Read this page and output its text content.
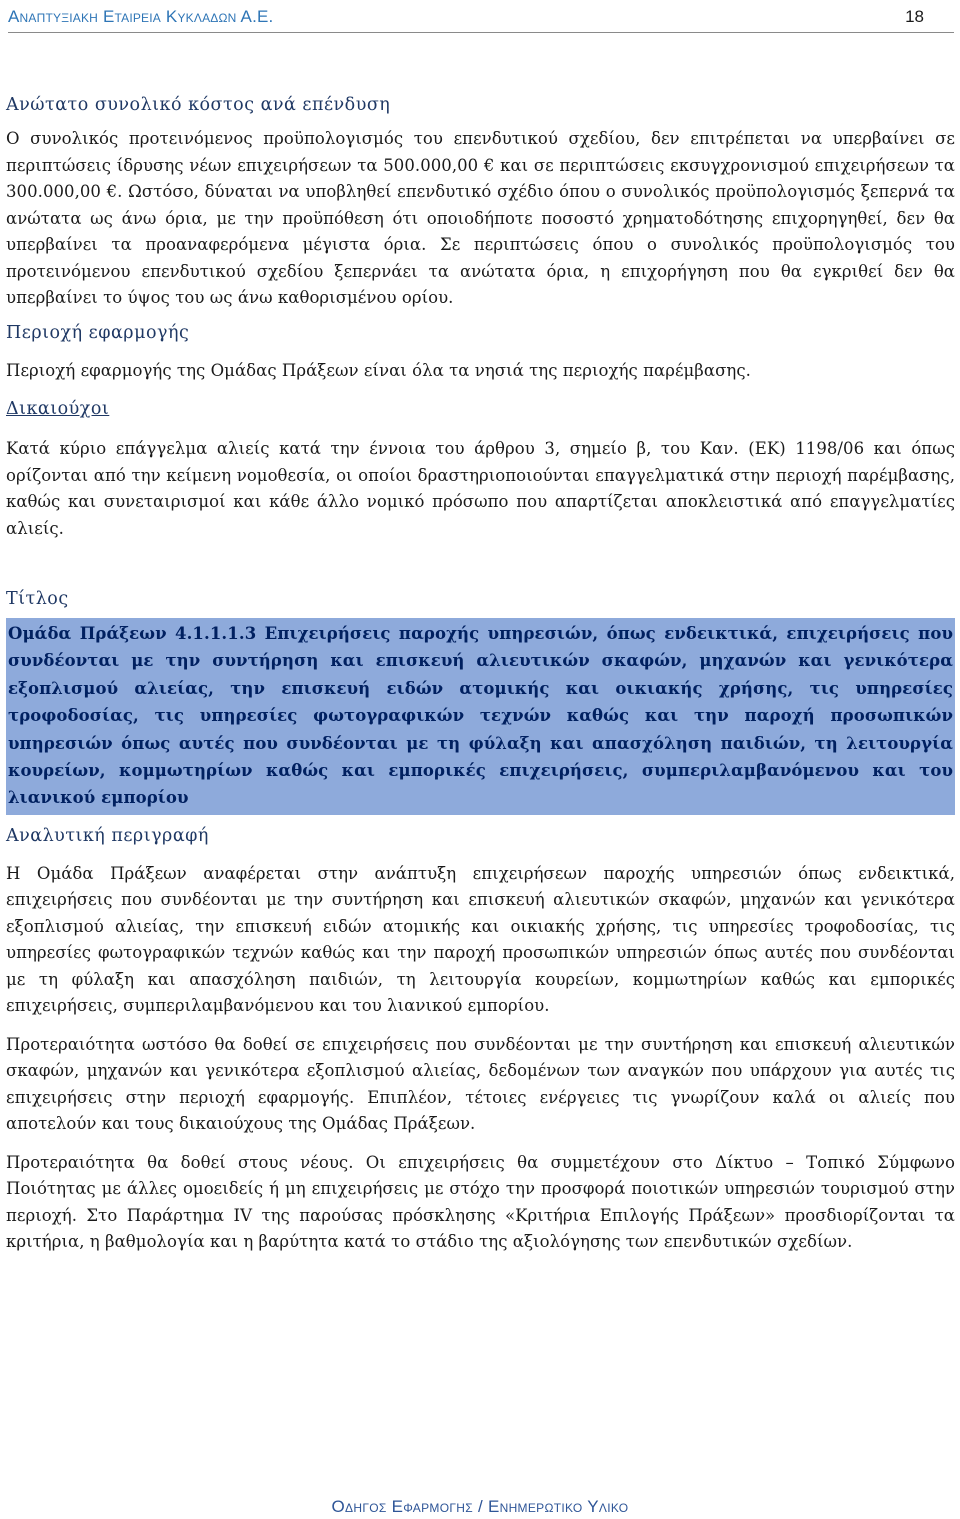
Αναπτυξιακη Εταιρεια Κυκλαδων Α.Ε.	18
Ανώτατο συνολικό κόστος ανά επένδυση

Ο συνολικός προτεινόμενος προϋπολογισμός του επενδυτικού σχεδίου, δεν επιτρέπεται να υπερβαίνει σε περιπτώσεις ίδρυσης νέων επιχειρήσεων τα 500.000,00 € και σε περιπτώσεις εκσυγχρονισμού επιχειρήσεων τα 300.000,00 €. Ωστόσο, δύναται να υποβληθεί επενδυτικό σχέδιο όπου ο συνολικός προϋπολογισμός ξεπερνά τα ανώτατα ως άνω όρια, με την προϋπόθεση ότι οποιοδήποτε ποσοστό χρηματοδότησης επιχορηγηθεί, δεν θα υπερβαίνει τα προαναφερόμενα μέγιστα όρια. Σε περιπτώσεις όπου ο συνολικός προϋπολογισμός του προτεινόμενου επενδυτικού σχεδίου ξεπερνάει τα ανώτατα όρια, η επιχορήγηση που θα εγκριθεί δεν θα υπερβαίνει το ύψος του ως άνω καθορισμένου ορίου.

Περιοχή εφαρμογής

Περιοχή εφαρμογής της Ομάδας Πράξεων είναι όλα τα νησιά της περιοχής παρέμβασης.

Δικαιούχοι

Κατά κύριο επάγγελμα αλιείς κατά την έννοια του άρθρου 3, σημείο β, του Καν. (ΕΚ) 1198/06 και όπως ορίζονται από την κείμενη νομοθεσία, οι οποίοι δραστηριοποιούνται επαγγελματικά στην περιοχή παρέμβασης, καθώς και συνεταιρισμοί και κάθε άλλο νομικό πρόσωπο που απαρτίζεται αποκλειστικά από επαγγελματίες αλιείς.

Τίτλος
Ομάδα Πράξεων 4.1.1.1.3 Επιχειρήσεις παροχής υπηρεσιών, όπως ενδεικτικά, επιχειρήσεις που συνδέονται με την συντήρηση και επισκευή αλιευτικών σκαφών, μηχανών και γενικότερα εξοπλισμού αλιείας, την επισκευή ειδών ατομικής και οικιακής χρήσης, τις υπηρεσίες τροφοδοσίας, τις υπηρεσίες φωτογραφικών τεχνών καθώς και την παροχή προσωπικών υπηρεσιών όπως αυτές που συνδέονται με τη φύλαξη και απασχόληση παιδιών, τη λειτουργία κουρείων, κομμωτηρίων καθώς και εμπορικές επιχειρήσεις, συμπεριλαμβανόμενου και του λιανικού εμπορίου
Αναλυτική περιγραφή

Η Ομάδα Πράξεων αναφέρεται στην ανάπτυξη επιχειρήσεων παροχής υπηρεσιών όπως ενδεικτικά, επιχειρήσεις που συνδέονται με την συντήρηση και επισκευή αλιευτικών σκαφών, μηχανών και γενικότερα εξοπλισμού αλιείας, την επισκευή ειδών ατομικής και οικιακής χρήσης, τις υπηρεσίες τροφοδοσίας, τις υπηρεσίες φωτογραφικών τεχνών καθώς και την παροχή προσωπικών υπηρεσιών όπως αυτές που συνδέονται με τη φύλαξη και απασχόληση παιδιών, τη λειτουργία κουρείων, κομμωτηρίων καθώς και εμπορικές επιχειρήσεις, συμπεριλαμβανόμενου και του λιανικού εμπορίου.

Προτεραιότητα ωστόσο θα δοθεί σε επιχειρήσεις που συνδέονται με την συντήρηση και επισκευή αλιευτικών σκαφών, μηχανών και γενικότερα εξοπλισμού αλιείας, δεδομένων των αναγκών που υπάρχουν για αυτές τις επιχειρήσεις στην περιοχή εφαρμογής. Επιπλέον, τέτοιες ενέργειες τις γνωρίζουν καλά οι αλιείς που αποτελούν και τους δικαιούχους της Ομάδας Πράξεων.

Προτεραιότητα θα δοθεί στους νέους. Οι επιχειρήσεις θα συμμετέχουν στο Δίκτυο – Τοπικό Σύμφωνο Ποιότητας με άλλες ομοειδείς ή μη επιχειρήσεις με στόχο την προσφορά ποιοτικών υπηρεσιών τουρισμού στην περιοχή. Στο Παράρτημα IV της παρούσας πρόσκλησης «Κριτήρια Επιλογής Πράξεων» προσδιορίζονται τα κριτήρια, η βαθμολογία και η βαρύτητα κατά το στάδιο της αξιολόγησης των επενδυτικών σχεδίων.

Οδηγος Εφαρμογης / Ενημερωτικο Υλικο
